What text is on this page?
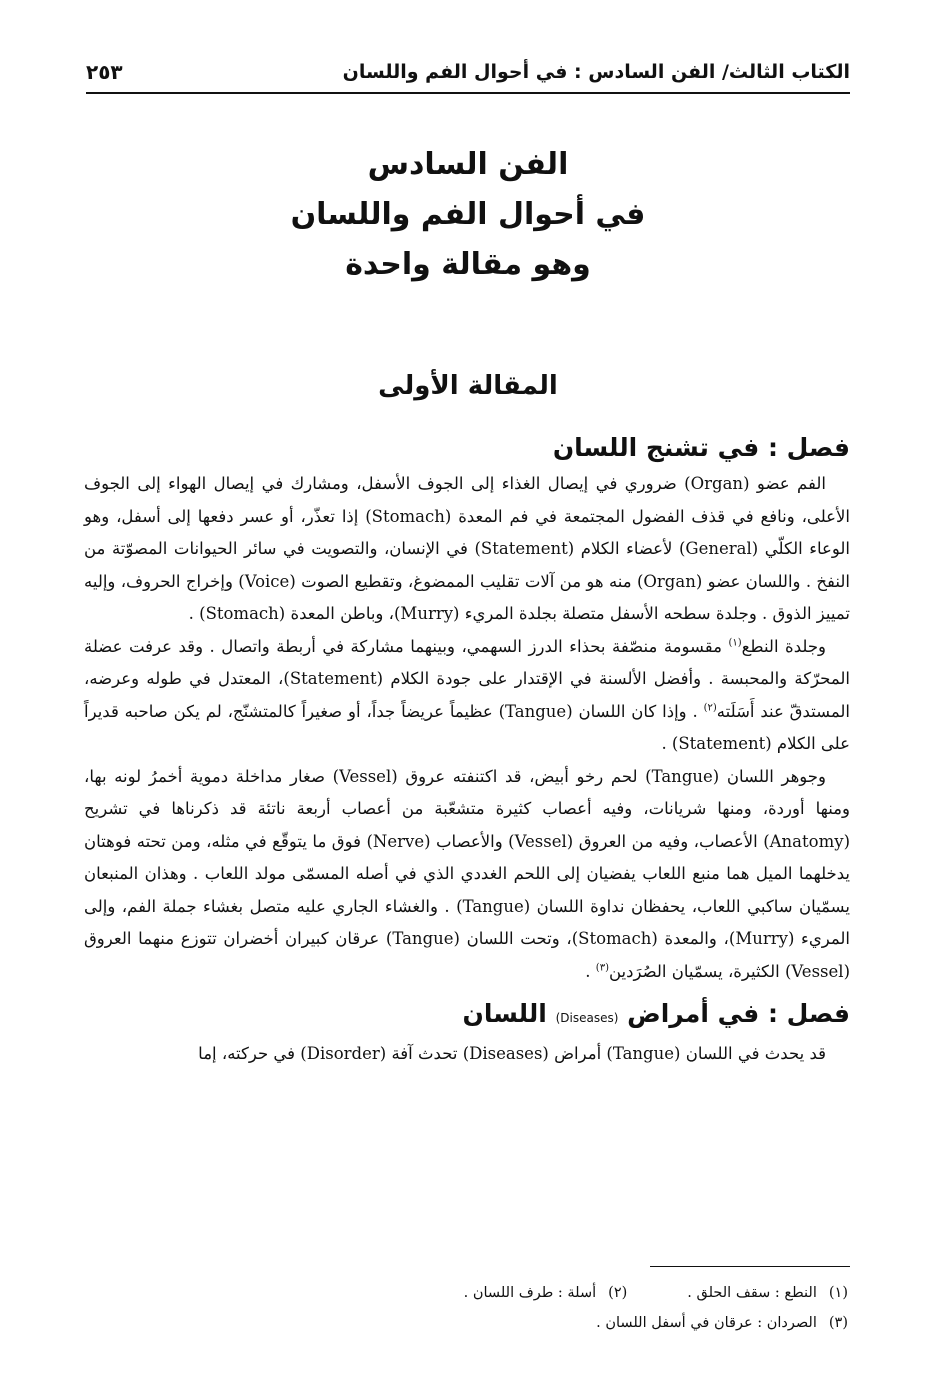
الكتاب الثالث/ الفن السادس : في أحوال الفم واللسان
٢٥٣
الفن السادس
في أحوال الفم واللسان
وهو مقالة واحدة
المقالة الأولى
فصل : في تشنج اللسان

الفم عضو (Organ) ضروري في إيصال الغذاء إلى الجوف الأسفل، ومشارك في إيصال الهواء إلى الجوف الأعلى، ونافع في قذف الفضول المجتمعة في فم المعدة (Stomach) إذا تعذّر، أو عسر دفعها إلى أسفل، وهو الوعاء الكلّي (General) لأعضاء الكلام (Statement) في الإنسان، والتصويت في سائر الحيوانات المصوّتة من النفخ . واللسان عضو (Organ) منه هو من آلات تقليب الممضوغ، وتقطيع الصوت (Voice) وإخراج الحروف، وإليه تمييز الذوق . وجلدة سطحه الأسفل متصلة بجلدة المريء (Murry)، وباطن المعدة (Stomach) .

وجلدة النطع$^{(١)}$ مقسومة منصّفة بحذاء الدرز السهمي، وبينهما مشاركة في أربطة واتصال . وقد عرفت عضلة المحرّكة والمحبسة . وأفضل الألسنة في الإقتدار على جودة الكلام (Statement)، المعتدل في طوله وعرضه، المستدقّ عند أَسَلَته$^{(٢)}$ . وإذا كان اللسان (Tangue) عظيماً عريضاً جداً، أو صغيراً كالمتشنّج، لم يكن صاحبه قديراً على الكلام (Statement) .

وجوهر اللسان (Tangue) لحم رخو أبيض، قد اكتنفته عروق (Vessel) صغار مداخلة دموية أخمرُ لونه بها، ومنها أوردة، ومنها شريانات، وفيه أعصاب كثيرة متشعّبة من أعصاب أربعة ناتئة قد ذكرناها في تشريح (Anatomy) الأعصاب، وفيه من العروق (Vessel) والأعصاب (Nerve) فوق ما يتوقّع في مثله، ومن تحته فوهتان يدخلهما الميل هما منبع اللعاب يفضيان إلى اللحم الغددي الذي في أصله المسمّى مولد اللعاب . وهذان المنبعان يسمّيان ساكبي اللعاب، يحفظان نداوة اللسان (Tangue) . والغشاء الجاري عليه متصل بغشاء جملة الفم، وإلى المريء (Murry)، والمعدة (Stomach)، وتحت اللسان (Tangue) عرقان كبيران أخضران تتوزع منهما العروق (Vessel) الكثيرة، يسمّيان الصُرَدين$^{(٣)}$ .

فصل : في أمراض (Diseases) اللسان

قد يحدث في اللسان (Tangue) أمراض (Diseases) تحدث آفة (Disorder) في حركته، إما

(١)النطع : سقف الحلق .
(٢)أسلة : طرف اللسان .
(٣)الصردان : عرقان في أسفل اللسان .
